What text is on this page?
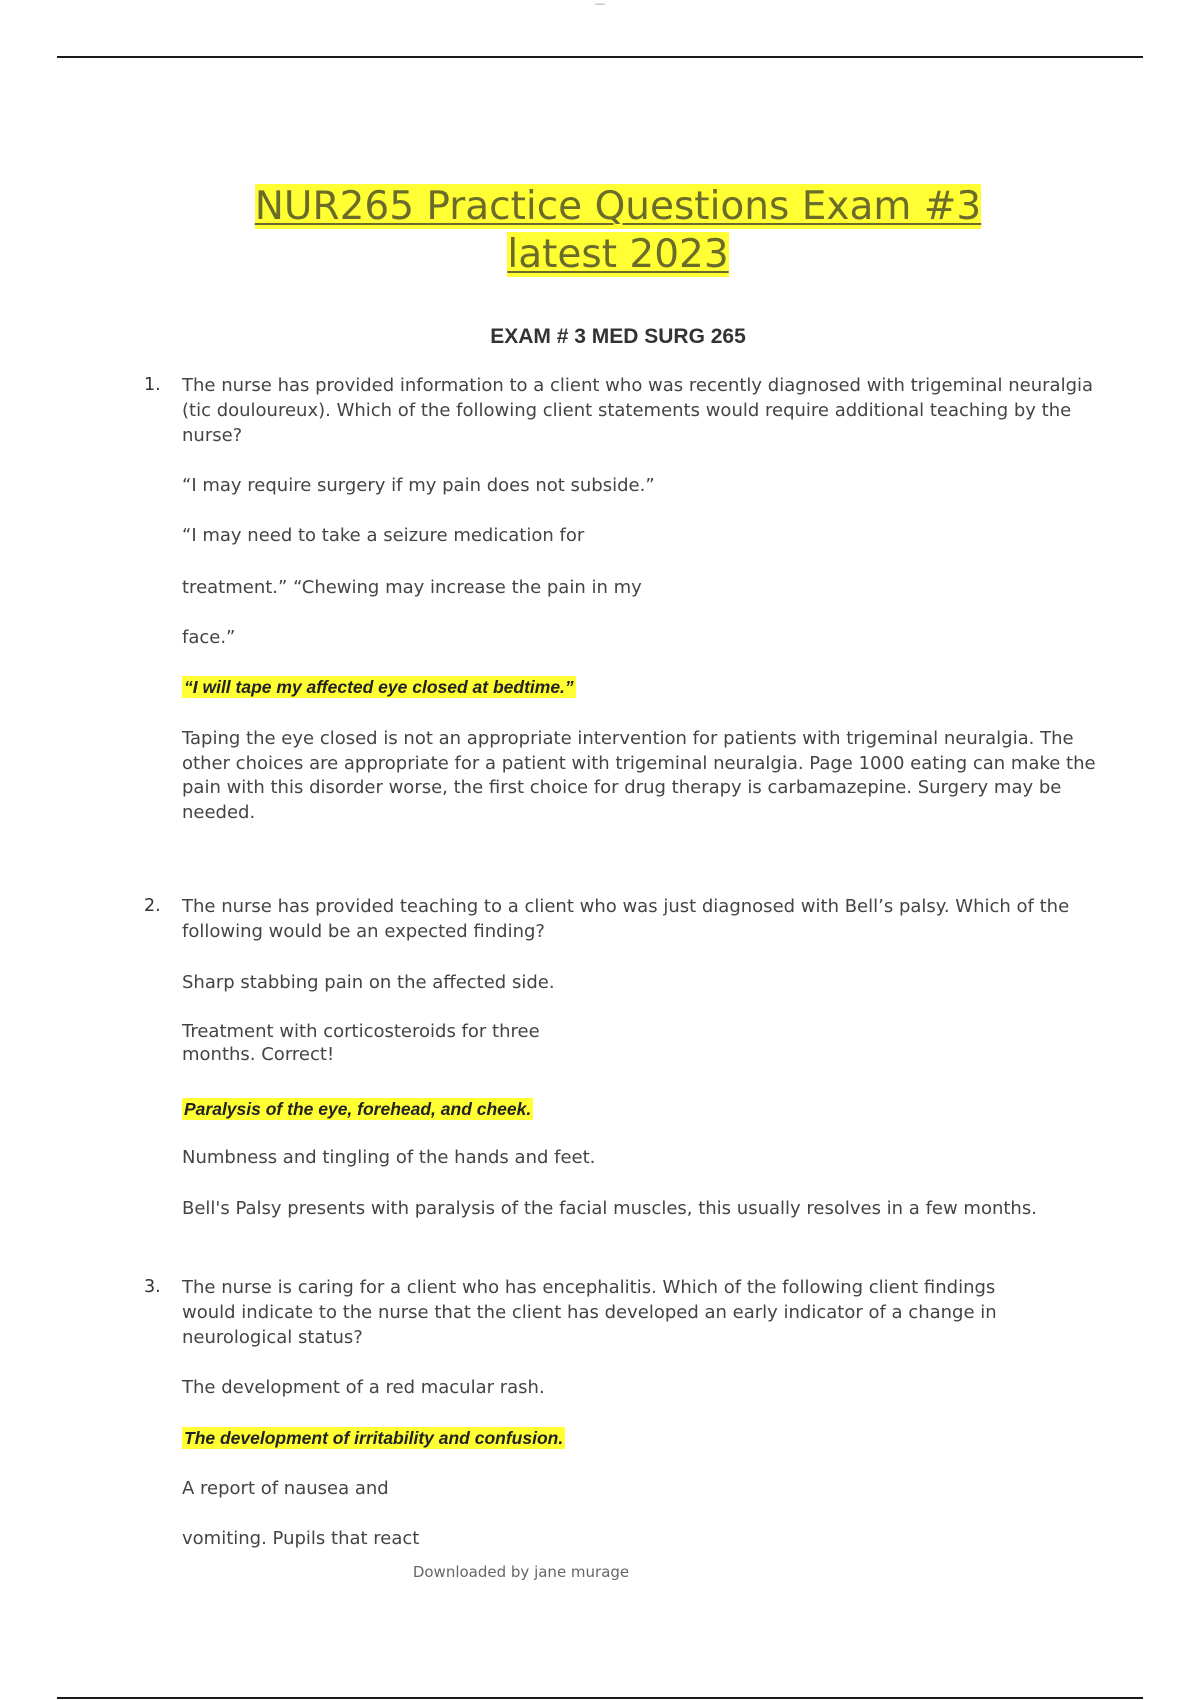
—
NUR265 Practice Questions Exam #3
latest 2023
EXAM # 3 MED SURG 265
1. The nurse has provided information to a client who was recently diagnosed with trigeminal neuralgia (tic douloureux). Which of the following client statements would require additional teaching by the nurse?
“I may require surgery if my pain does not subside.”
“I may need to take a seizure medication for
treatment.” “Chewing may increase the pain in my
face.”
“I will tape my affected eye closed at bedtime.”
Taping the eye closed is not an appropriate intervention for patients with trigeminal neuralgia. The other choices are appropriate for a patient with trigeminal neuralgia. Page 1000 eating can make the pain with this disorder worse, the first choice for drug therapy is carbamazepine. Surgery may be needed.
2. The nurse has provided teaching to a client who was just diagnosed with Bell’s palsy. Which of the following would be an expected finding?
Sharp stabbing pain on the affected side.
Treatment with corticosteroids for three months. Correct!
Paralysis of the eye, forehead, and cheek.
Numbness and tingling of the hands and feet.
Bell's Palsy presents with paralysis of the facial muscles, this usually resolves in a few months.
3. The nurse is caring for a client who has encephalitis. Which of the following client findings would indicate to the nurse that the client has developed an early indicator of a change in neurological status?
The development of a red macular rash.
The development of irritability and confusion.
A report of nausea and
vomiting. Pupils that react
Downloaded by jane murage
